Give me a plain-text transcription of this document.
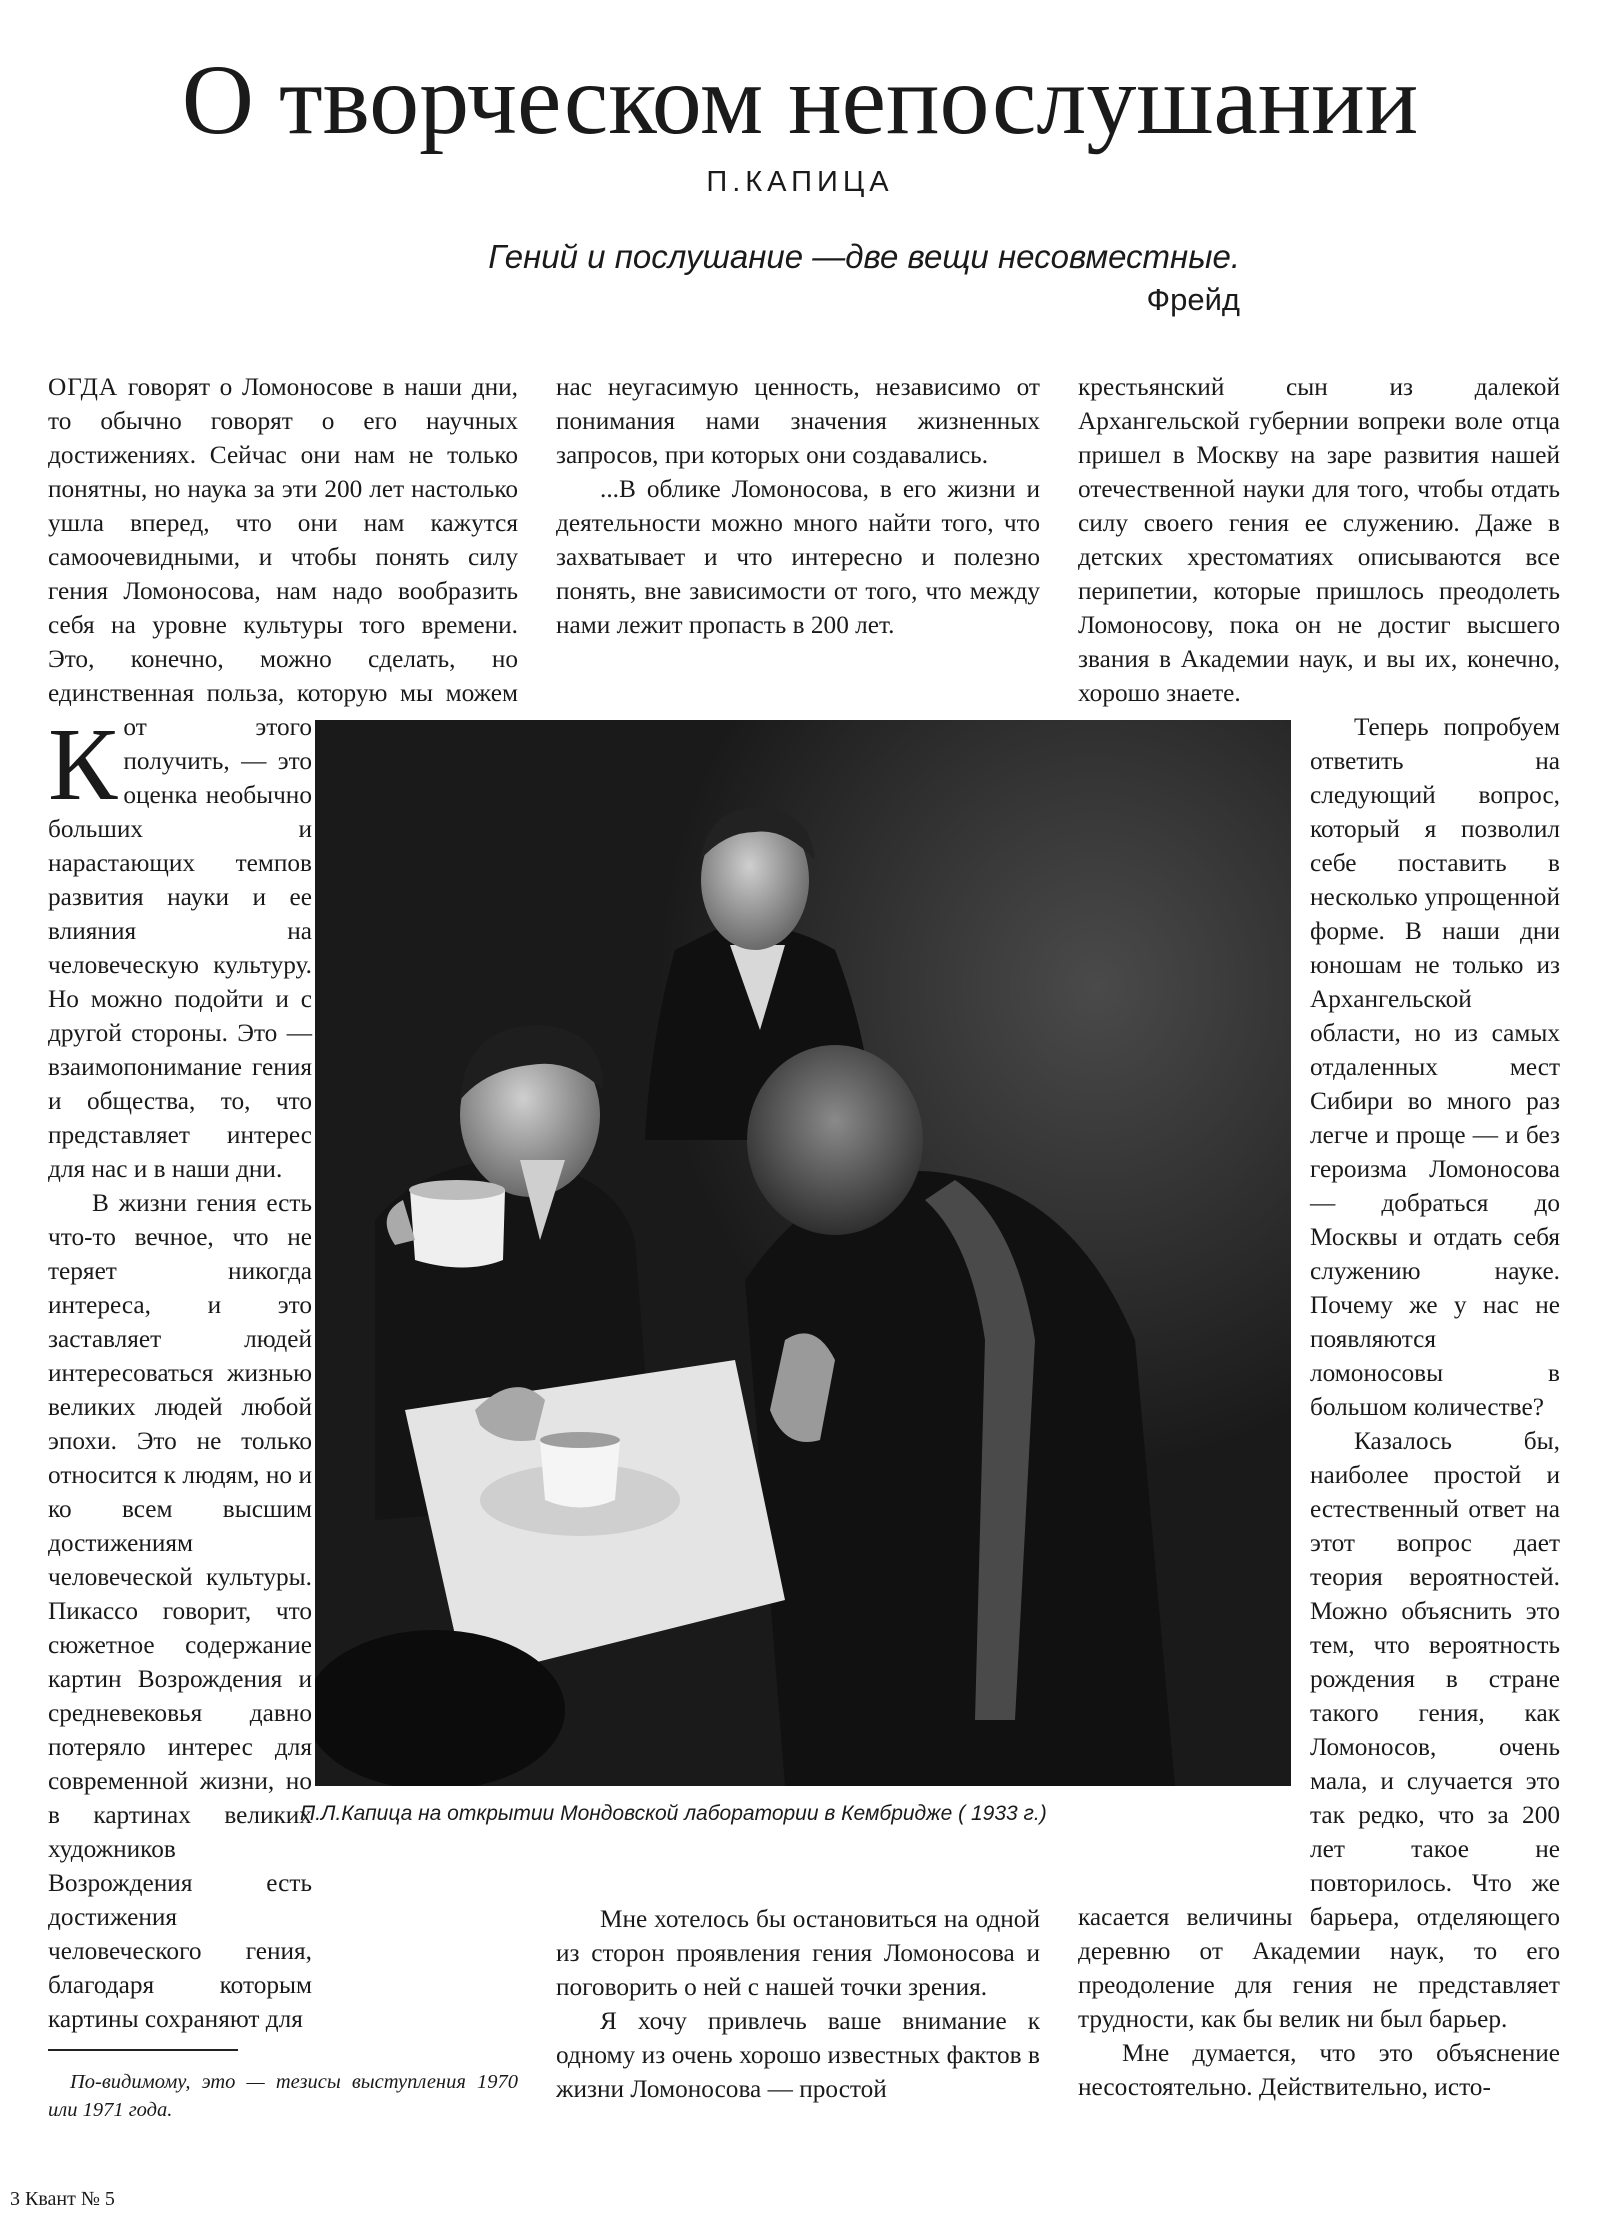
О творческом непослушании
П.КАПИЦА
Гений и послушание —две вещи несовместные.
Фрейд

К
ОГДА говорят о Ломоносове в наши дни, то обычно говорят о его научных достижениях. Сейчас они нам не только понятны, но наука за эти 200 лет настолько ушла вперед, что они нам кажутся самоочевидными, и чтобы понять силу гения Ломоносова, нам надо вообразить себя на уровне культуры того времени. Это, конечно, можно сделать, но единственная польза, которую мы можем от этого получить, — это оценка необычно больших и нарастающих темпов развития науки и ее влияния на человеческую культуру. Но можно подойти и с другой стороны. Это — взаимопонимание гения и общества, то, что представляет интерес для нас и в наши дни.

В жизни гения есть что-то вечное, что не теряет никогда интереса, и это заставляет людей интересоваться жизнью великих людей любой эпохи. Это не только относится к людям, но и ко всем высшим достижениям человеческой культуры. Пикассо говорит, что сюжетное содержание картин Возрождения и средневековья давно потеряло интерес для современной жизни, но в картинах великих художников Возрождения есть достижения человеческого гения, благодаря которым картины сохраняют для

нас неугасимую ценность, независимо от понимания нами значения жизненных запросов, при которых они создавались.

...В облике Ломоносова, в его жизни и деятельности можно много найти того, что захватывает и что интересно и полезно понять, вне зависимости от того, что между нами лежит пропасть в 200 лет.

Мне хотелось бы остановиться на одной из сторон проявления гения Ломоносова и поговорить о ней с нашей точки зрения.

Я хочу привлечь ваше внимание к одному из очень хорошо известных фактов в жизни Ломоносова — простой

крестьянский сын из далекой Архангельской губернии вопреки воле отца пришел в Москву на заре развития нашей отечественной науки для того, чтобы отдать силу своего гения ее служению. Даже в детских хрестоматиях описываются все перипетии, которые пришлось преодолеть Ломоносову, пока он не достиг высшего звания в Академии наук, и вы их, конечно, хорошо знаете.

Теперь попробуем ответить на следующий вопрос, который я позволил себе поставить в несколько упрощенной форме. В наши дни юношам не только из Архангельской области, но из самых отдаленных мест Сибири во много раз легче и проще — и без героизма Ломоносова — добраться до Москвы и отдать себя служению науке. Почему же у нас не появляются ломоносовы в большом количестве?

Казалось бы, наиболее простой и естественный ответ на этот вопрос дает теория вероятностей. Можно объяснить это тем, что вероятность рождения в стране такого гения, как Ломоносов, очень мала, и случается это так редко, что за 200 лет такое не повторилось. Что же касается величины барьера, отделяющего деревню от Академии наук, то его преодоление для гения не представляет трудности, как бы велик ни был барьер.

Мне думается, что это объяснение несостоятельно. Действительно, исто-

П.Л.Капица на открытии Мондовской лаборатории в Кембридже ( 1933 г.)

По-видимому, это — тезисы выступления 1970 или 1971 года.

3 Квант № 5
